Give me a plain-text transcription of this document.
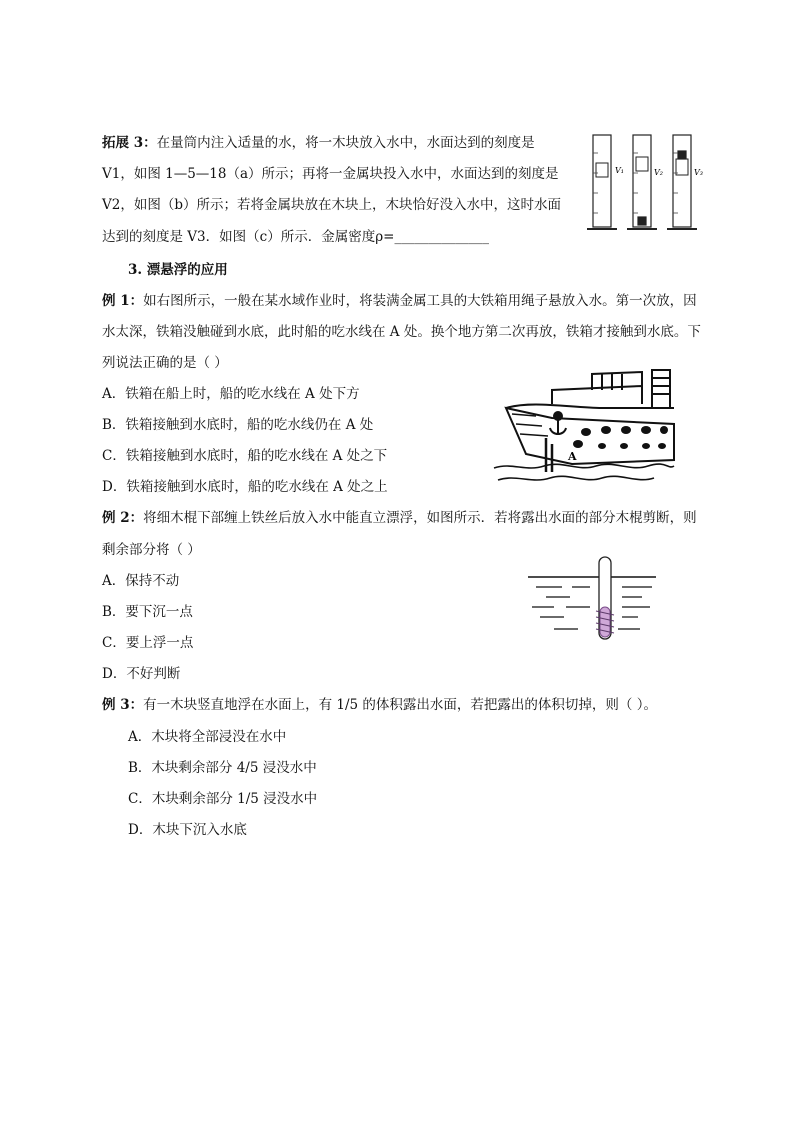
拓展 3：在量筒内注入适量的水，将一木块放入水中，水面达到的刻度是
V1，如图 1—5—18（a）所示；再将一金属块投入水中，水面达到的刻度是
V2，如图（b）所示；若将金属块放在木块上，木块恰好没入水中，这时水面
达到的刻度是 V3．如图（c）所示．金属密度ρ=______________
V₁	V₂	V₃
3. 漂悬浮的应用
例 1：如右图所示，一般在某水域作业时，将装满金属工具的大铁箱用绳子悬放入水。第一次放，因
水太深，铁箱没触碰到水底，此时船的吃水线在 A 处。换个地方第二次再放，铁箱才接触到水底。下
列说法正确的是（ ）
A．铁箱在船上时，船的吃水线在 A 处下方
B．铁箱接触到水底时，船的吃水线仍在 A 处
C．铁箱接触到水底时，船的吃水线在 A 处之下
D．铁箱接触到水底时，船的吃水线在 A 处之上
A
例 2：将细木棍下部缠上铁丝后放入水中能直立漂浮，如图所示．若将露出水面的部分木棍剪断，则
剩余部分将（ ）
A．保持不动
B．要下沉一点
C．要上浮一点
D．不好判断
例 3：有一木块竖直地浮在水面上，有 1/5 的体积露出水面，若把露出的体积切掉，则（ ）。
A．木块将全部浸没在水中
B．木块剩余部分 4/5 浸没水中
C．木块剩余部分 1/5 浸没水中
D．木块下沉入水底
